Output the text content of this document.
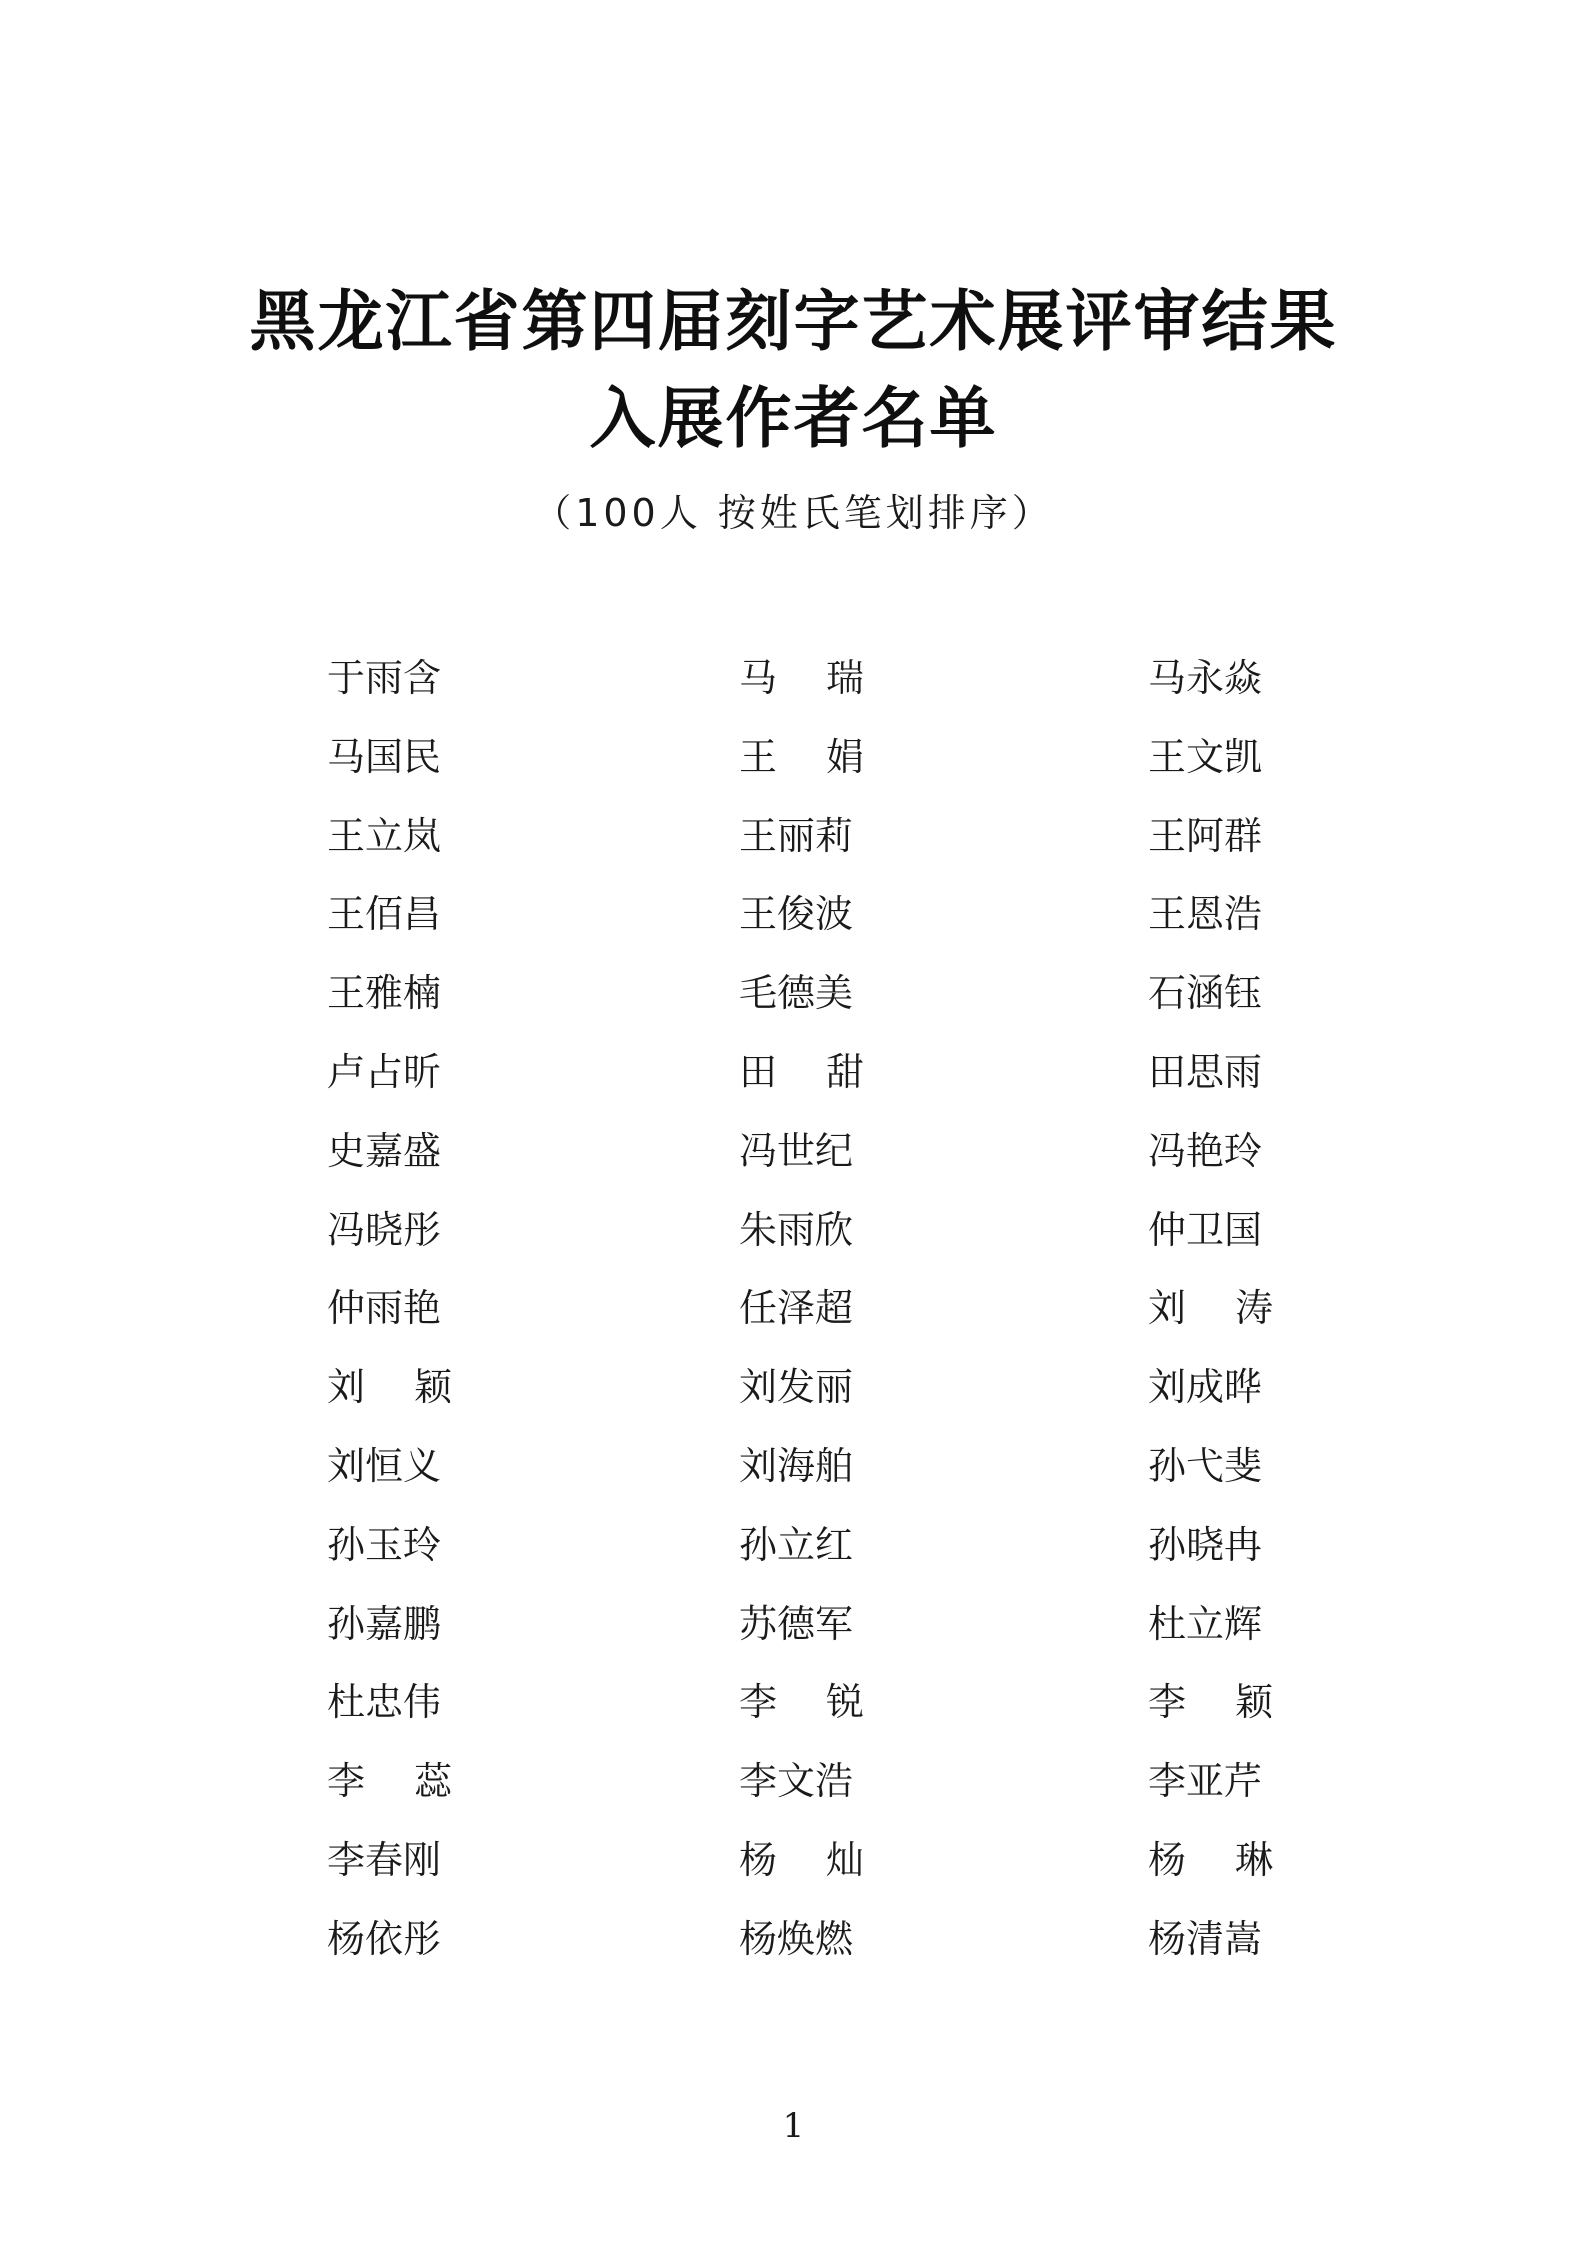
黑龙江省第四届刻字艺术展评审结果
入展作者名单
（100人 按姓氏笔划排序）
于雨含	马 瑞	马永焱
马国民	王 娟	王文凯
王立岚	王丽莉	王阿群
王佰昌	王俊波	王恩浩
王雅楠	毛德美	石涵钰
卢占昕	田 甜	田思雨
史嘉盛	冯世纪	冯艳玲
冯晓彤	朱雨欣	仲卫国
仲雨艳	任泽超	刘 涛
刘 颖	刘发丽	刘成晔
刘恒义	刘海舶	孙弋斐
孙玉玲	孙立红	孙晓冉
孙嘉鹏	苏德军	杜立辉
杜忠伟	李 锐	李 颖
李 蕊	李文浩	李亚芹
李春刚	杨 灿	杨 琳
杨依彤	杨焕燃	杨清嵩
1
